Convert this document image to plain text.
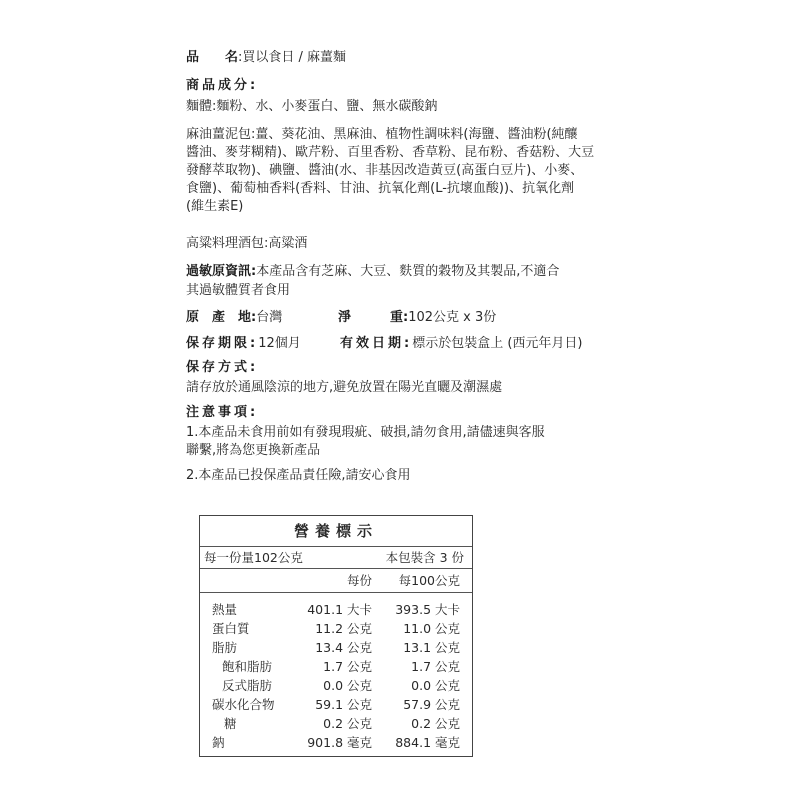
品　　名:買以食日 / 麻薑麵
商品成分:
麵體:麵粉、水、小麥蛋白、鹽、無水碳酸鈉
麻油薑泥包:薑、葵花油、黑麻油、植物性調味料(海鹽、醬油粉(純釀
醬油、麥芽糊精)、歐芹粉、百里香粉、香草粉、昆布粉、香菇粉、大豆
發酵萃取物)、碘鹽、醬油(水、非基因改造黃豆(高蛋白豆片)、小麥、
食鹽)、葡萄柚香料(香料、甘油、抗氧化劑(L-抗壞血酸))、抗氧化劑
(維生素E)
高粱料理酒包:高粱酒
過敏原資訊:本產品含有芝麻、大豆、麩質的穀物及其製品,不適合
其過敏體質者食用
原　產　地:台灣	淨　　　重:102公克 x 3份
保存期限:12個月	有效日期:標示於包裝盒上 (西元年月日)
保存方式:
請存放於通風陰涼的地方,避免放置在陽光直曬及潮濕處
注意事項:
1.本產品未食用前如有發現瑕疵、破損,請勿食用,請儘速與客服
聯繫,將為您更換新產品
2.本產品已投保產品責任險,請安心食用
營養標示
每一份量102公克	本包裝含 3 份
每份 每100公克
熱量	401.1 大卡 393.5 大卡
蛋白質	11.2 公克 11.0 公克
脂肪	13.4 公克 13.1 公克
飽和脂肪	1.7 公克	1.7 公克
反式脂肪	0.0 公克	0.0 公克
碳水化合物	59.1 公克 57.9 公克
糖	0.2 公克	0.2 公克
鈉	901.8 毫克 884.1 毫克
